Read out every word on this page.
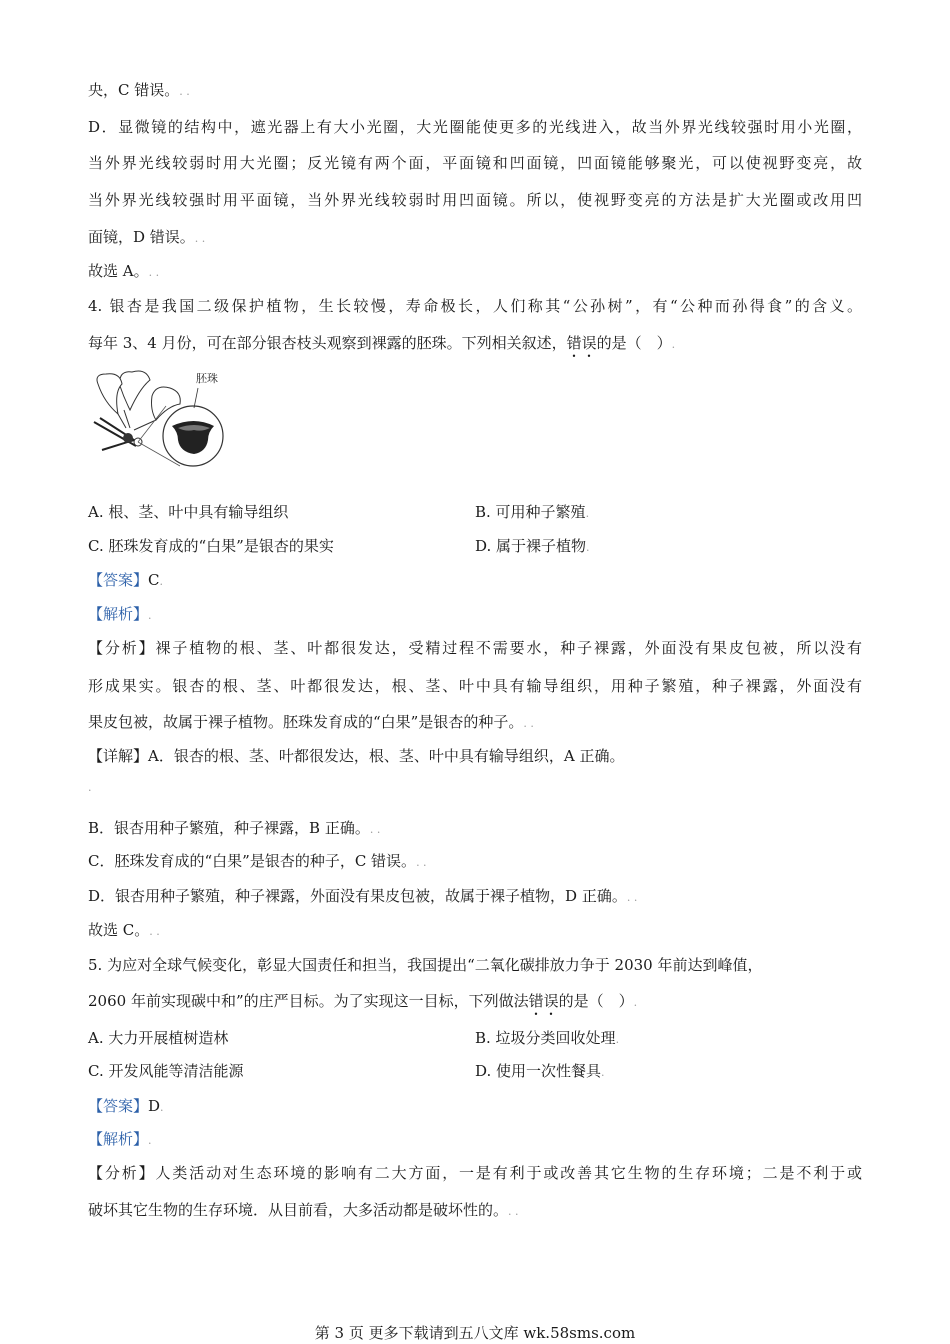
央，C 错误。. .
D．显微镜的结构中，遮光器上有大小光圈，大光圈能使更多的光线进入，故当外界光线较强时用小光圈，
当外界光线较弱时用大光圈；反光镜有两个面，平面镜和凹面镜，凹面镜能够聚光，可以使视野变亮，故
当外界光线较强时用平面镜，当外界光线较弱时用凹面镜。所以，使视野变亮的方法是扩大光圈或改用凹
面镜，D 错误。. .
故选 A。. .
4. 银杏是我国二级保护植物，生长较慢，寿命极长，人们称其“公孙树”，有“公种而孙得食”的含义。
每年 3、4 月份，可在部分银杏枝头观察到裸露的胚珠。下列相关叙述，错误的是（　）.
胚珠
A. 根、茎、叶中具有输导组织	B. 可用种子繁殖.
C. 胚珠发育成的“白果”是银杏的果实	D. 属于裸子植物.
【答案】C.
【解析】.
【分析】裸子植物的根、茎、叶都很发达，受精过程不需要水，种子裸露，外面没有果皮包被，所以没有
形成果实。银杏的根、茎、叶都很发达，根、茎、叶中具有输导组织，用种子繁殖，种子裸露，外面没有
果皮包被，故属于裸子植物。胚珠发育成的“白果”是银杏的种子。. .
【详解】A．银杏的根、茎、叶都很发达，根、茎、叶中具有输导组织，A 正确。
.
B．银杏用种子繁殖，种子裸露，B 正确。. .
C．胚珠发育成的“白果”是银杏的种子，C 错误。. .
D．银杏用种子繁殖，种子裸露，外面没有果皮包被，故属于裸子植物，D 正确。. .
故选 C。. .
5. 为应对全球气候变化，彰显大国责任和担当，我国提出“二氧化碳排放力争于 2030 年前达到峰值，
2060 年前实现碳中和”的庄严目标。为了实现这一目标，下列做法错误的是（　）.
A. 大力开展植树造林	B. 垃圾分类回收处理.
C. 开发风能等清洁能源	D. 使用一次性餐具.
【答案】D.
【解析】.
【分析】人类活动对生态环境的影响有二大方面，一是有利于或改善其它生物的生存环境；二是不利于或
破坏其它生物的生存环境．从目前看，大多活动都是破坏性的。. .
第 3 页 更多下载请到五八文库 wk.58sms.com
